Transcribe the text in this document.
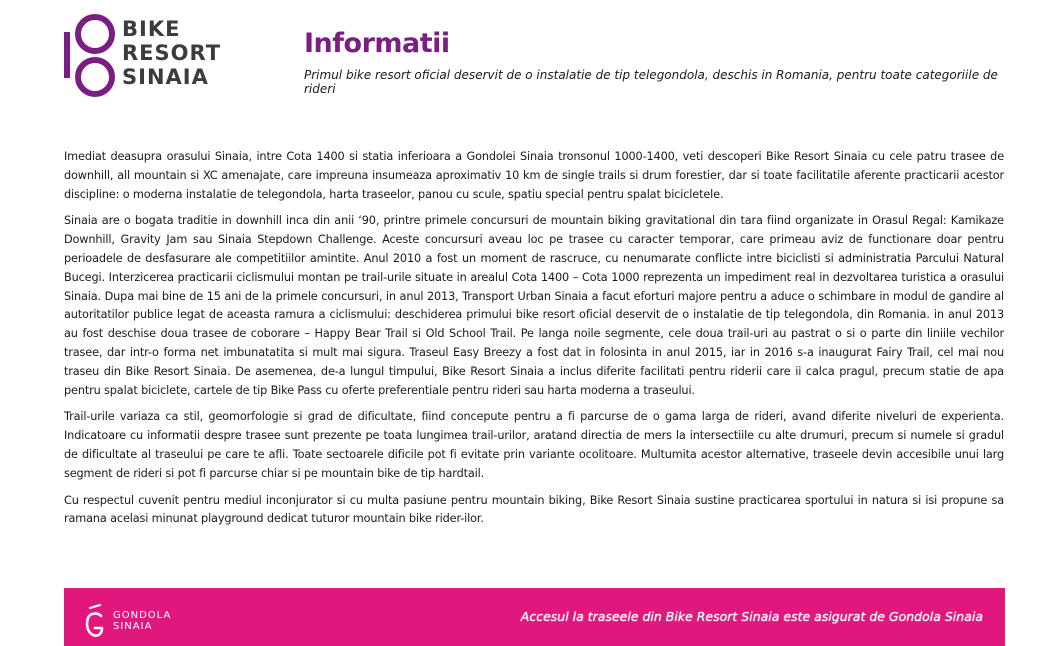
BIKE
RESORT
SINAIA
Informatii

Primul bike resort oficial deservit de o instalatie de tip telegondola, deschis in Romania, pentru toate categoriile de rideri

Imediat deasupra orasului Sinaia, intre Cota 1400 si statia inferioara a Gondolei Sinaia tronsonul 1000-1400, veti descoperi Bike Resort Sinaia cu cele patru trasee de downhill, all mountain si XC amenajate, care impreuna insumeaza aproximativ 10 km de single trails si drum forestier, dar si toate facilitatile aferente practicarii acestor discipline: o moderna instalatie de telegondola, harta traseelor, panou cu scule, spatiu special pentru spalat bicicletele.

Sinaia are o bogata traditie in downhill inca din anii ‘90, printre primele concursuri de mountain biking gravitational din tara fiind organizate in Orasul Regal: Kamikaze Downhill, Gravity Jam sau Sinaia Stepdown Challenge. Aceste concursuri aveau loc pe trasee cu caracter temporar, care primeau aviz de functionare doar pentru perioadele de desfasurare ale competitiilor amintite. Anul 2010 a fost un moment de rascruce, cu nenumarate conflicte intre biciclisti si administratia Parcului Natural Bucegi. Interzicerea practicarii ciclismului montan pe trail-urile situate in arealul Cota 1400 – Cota 1000 reprezenta un impediment real in dezvoltarea turistica a orasului Sinaia. Dupa mai bine de 15 ani de la primele concursuri, in anul 2013, Transport Urban Sinaia a facut eforturi majore pentru a aduce o schimbare in modul de gandire al autoritatilor publice legat de aceasta ramura a ciclismului: deschiderea primului bike resort oficial deservit de o instalatie de tip telegondola, din Romania. in anul 2013 au fost deschise doua trasee de coborare – Happy Bear Trail si Old School Trail. Pe langa noile segmente, cele doua trail-uri au pastrat o si o parte din liniile vechilor trasee, dar intr-o forma net imbunatatita si mult mai sigura. Traseul Easy Breezy a fost dat in folosinta in anul 2015, iar in 2016 s-a inaugurat Fairy Trail, cel mai nou traseu din Bike Resort Sinaia. De asemenea, de-a lungul timpului, Bike Resort Sinaia a inclus diferite facilitati pentru riderii care ii calca pragul, precum statie de apa pentru spalat biciclete, cartele de tip Bike Pass cu oferte preferentiale pentru rideri sau harta moderna a traseului.

Trail-urile variaza ca stil, geomorfologie si grad de dificultate, fiind concepute pentru a fi parcurse de o gama larga de rideri, avand diferite niveluri de experienta. Indicatoare cu informatii despre trasee sunt prezente pe toata lungimea trail-urilor, aratand directia de mers la intersectiile cu alte drumuri, precum si numele si gradul de dificultate al traseului pe care te afli. Toate sectoarele dificile pot fi evitate prin variante ocolitoare. Multumita acestor alternative, traseele devin accesibile unui larg segment de rideri si pot fi parcurse chiar si pe mountain bike de tip hardtail.

Cu respectul cuvenit pentru mediul inconjurator si cu multa pasiune pentru mountain biking, Bike Resort Sinaia sustine practicarea sportului in natura si isi propune sa ramana acelasi minunat playground dedicat tuturor mountain bike rider-ilor.

GONDOLA
SINAIA
Accesul la traseele din Bike Resort Sinaia este asigurat de Gondola Sinaia
